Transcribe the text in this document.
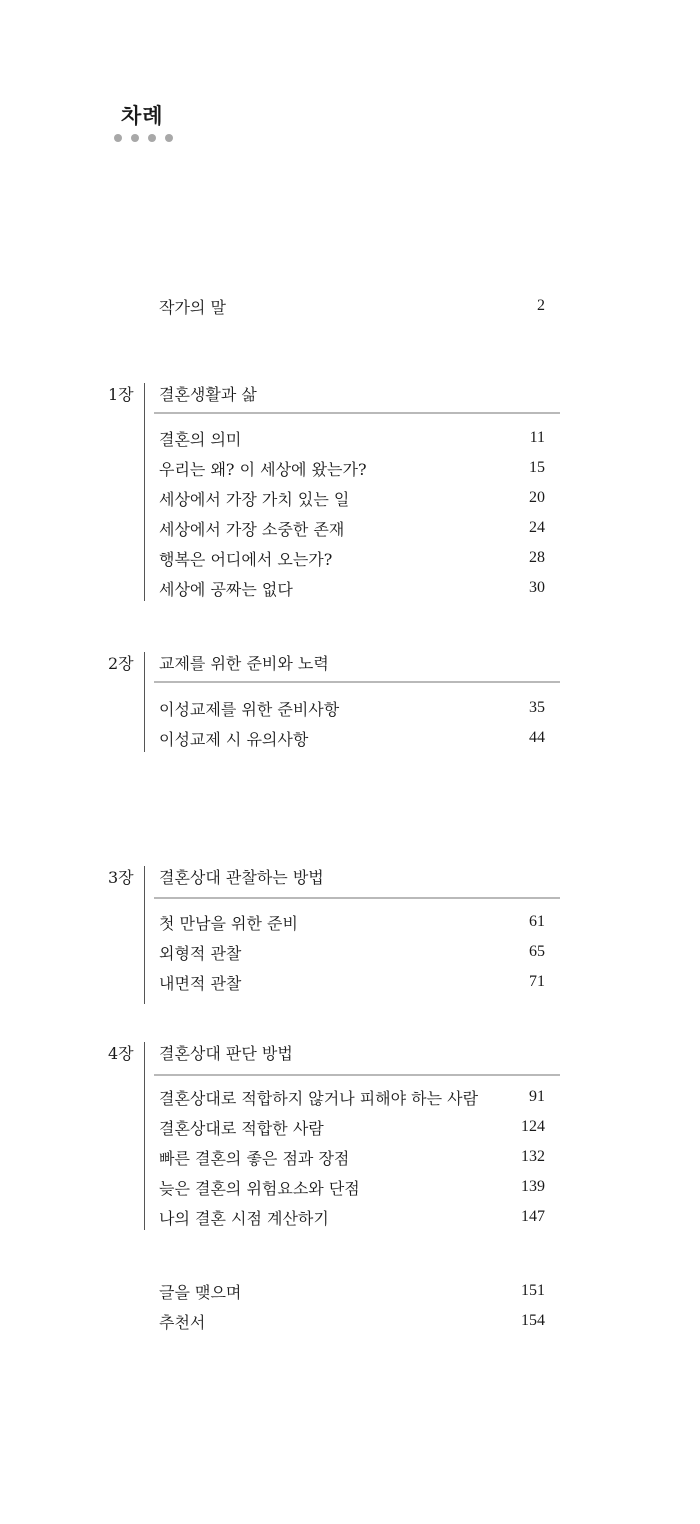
차례
작가의 말	2
1장 결혼생활과 삶
결혼의 의미	11
우리는 왜? 이 세상에 왔는가?	15
세상에서 가장 가치 있는 일	20
세상에서 가장 소중한 존재	24
행복은 어디에서 오는가?	28
세상에 공짜는 없다	30
2장 교제를 위한 준비와 노력
이성교제를 위한 준비사항	35
이성교제 시 유의사항	44
3장 결혼상대 관찰하는 방법
첫 만남을 위한 준비	61
외형적 관찰	65
내면적 관찰	71
4장 결혼상대 판단 방법
결혼상대로 적합하지 않거나 피해야 하는 사람	91
결혼상대로 적합한 사람	124
빠른 결혼의 좋은 점과 장점	132
늦은 결혼의 위험요소와 단점	139
나의 결혼 시점 계산하기	147
글을 맺으며	151
추천서	154
